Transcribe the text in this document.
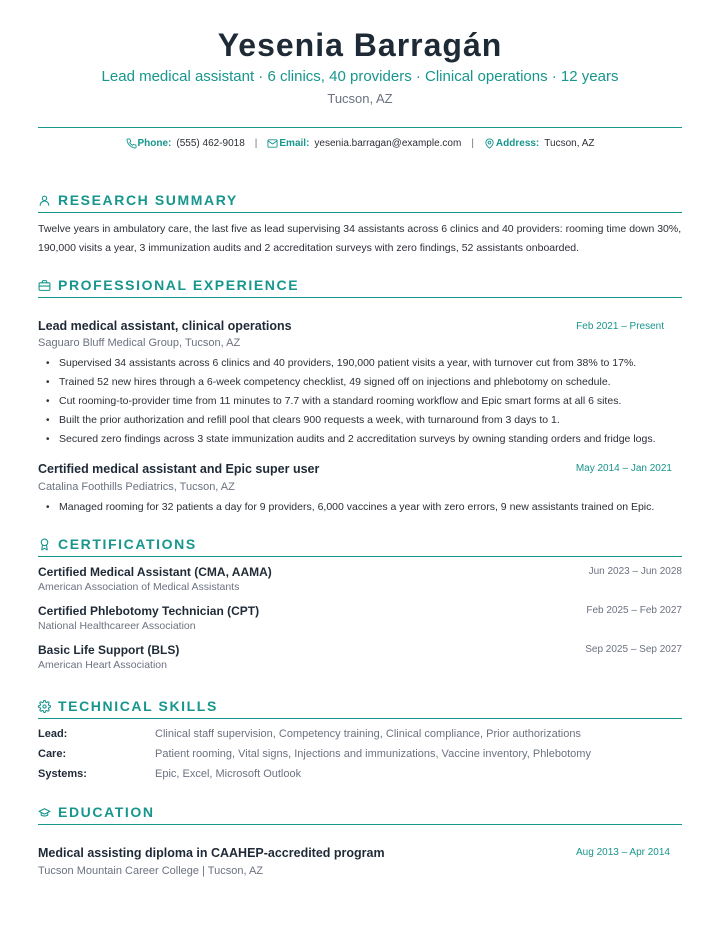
Yesenia Barragán
Lead medical assistant · 6 clinics, 40 providers · Clinical operations · 12 years
Tucson, AZ
Phone: (555) 462-9018 | Email: yesenia.barragan@example.com | Address: Tucson, AZ
RESEARCH SUMMARY
Twelve years in ambulatory care, the last five as lead supervising 34 assistants across 6 clinics and 40 providers: rooming time down 30%, 190,000 visits a year, 3 immunization audits and 2 accreditation surveys with zero findings, 52 assistants onboarded.
PROFESSIONAL EXPERIENCE
Lead medical assistant, clinical operations	Feb 2021 – Present
Saguaro Bluff Medical Group, Tucson, AZ
• Supervised 34 assistants across 6 clinics and 40 providers, 190,000 patient visits a year, with turnover cut from 38% to 17%.
• Trained 52 new hires through a 6-week competency checklist, 49 signed off on injections and phlebotomy on schedule.
• Cut rooming-to-provider time from 11 minutes to 7.7 with a standard rooming workflow and Epic smart forms at all 6 sites.
• Built the prior authorization and refill pool that clears 900 requests a week, with turnaround from 3 days to 1.
• Secured zero findings across 3 state immunization audits and 2 accreditation surveys by owning standing orders and fridge logs.
Certified medical assistant and Epic super user	May 2014 – Jan 2021
Catalina Foothills Pediatrics, Tucson, AZ
• Managed rooming for 32 patients a day for 9 providers, 6,000 vaccines a year with zero errors, 9 new assistants trained on Epic.
CERTIFICATIONS
Certified Medical Assistant (CMA, AAMA)	Jun 2023 – Jun 2028
American Association of Medical Assistants
Certified Phlebotomy Technician (CPT)	Feb 2025 – Feb 2027
National Healthcareer Association
Basic Life Support (BLS)	Sep 2025 – Sep 2027
American Heart Association
TECHNICAL SKILLS
Lead:	Clinical staff supervision, Competency training, Clinical compliance, Prior authorizations
Care:	Patient rooming, Vital signs, Injections and immunizations, Vaccine inventory, Phlebotomy
Systems:	Epic, Excel, Microsoft Outlook
EDUCATION
Medical assisting diploma in CAAHEP-accredited program	Aug 2013 – Apr 2014
Tucson Mountain Career College | Tucson, AZ
